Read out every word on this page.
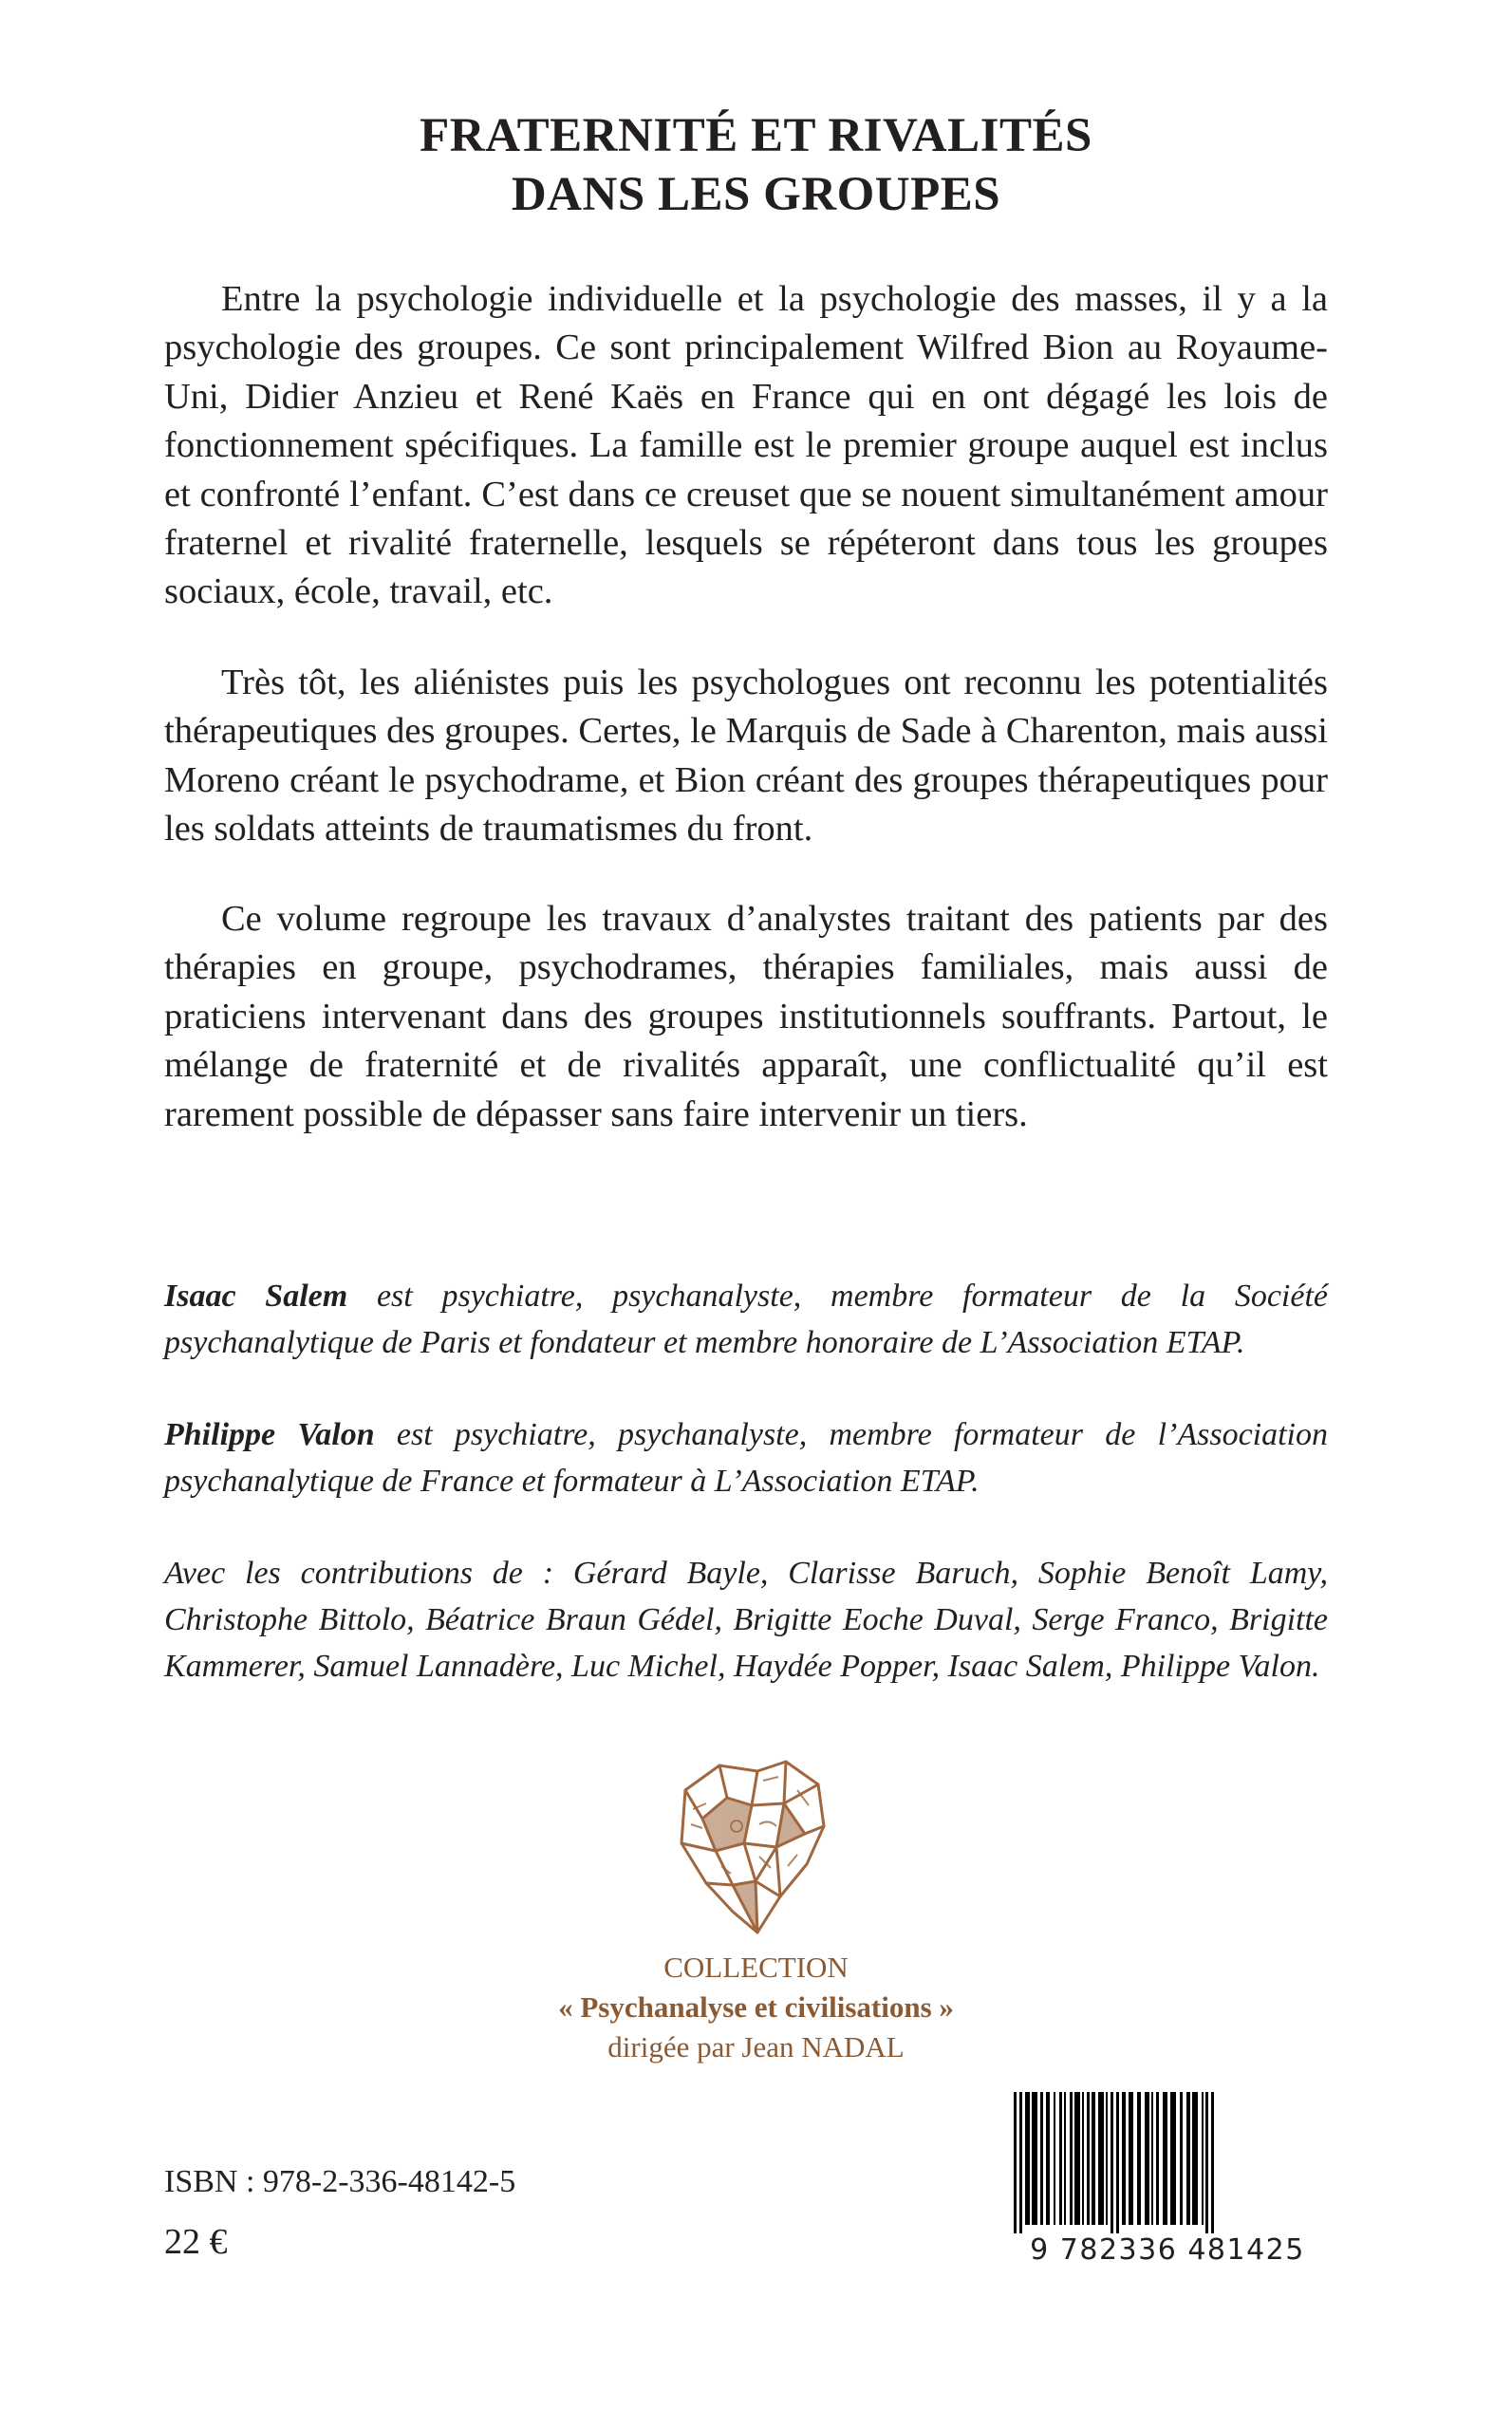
FRATERNITÉ ET RIVALITÉS
DANS LES GROUPES

Entre la psychologie individuelle et la psychologie des masses, il y a la psychologie des groupes. Ce sont principalement Wilfred Bion au Royaume-Uni, Didier Anzieu et René Kaës en France qui en ont dégagé les lois de fonctionnement spécifiques. La famille est le premier groupe auquel est inclus et confronté l’enfant. C’est dans ce creuset que se nouent simultanément amour fraternel et rivalité fraternelle, lesquels se répéteront dans tous les groupes sociaux, école, travail, etc.

Très tôt, les aliénistes puis les psychologues ont reconnu les potentialités thérapeutiques des groupes. Certes, le Marquis de Sade à Charenton, mais aussi Moreno créant le psychodrame, et Bion créant des groupes thérapeutiques pour les soldats atteints de traumatismes du front.

Ce volume regroupe les travaux d’analystes traitant des patients par des thérapies en groupe, psychodrames, thérapies familiales, mais aussi de praticiens intervenant dans des groupes institutionnels souffrants. Partout, le mélange de fraternité et de rivalités apparaît, une conflictualité qu’il est rarement possible de dépasser sans faire intervenir un tiers.

Isaac Salem est psychiatre, psychanalyste, membre formateur de la Société psychanalytique de Paris et fondateur et membre honoraire de L’Association ETAP.

Philippe Valon est psychiatre, psychanalyste, membre formateur de l’Association psychanalytique de France et formateur à L’Association ETAP.

Avec les contributions de : Gérard Bayle, Clarisse Baruch, Sophie Benoît Lamy, Christophe Bittolo, Béatrice Braun Gédel, Brigitte Eoche Duval, Serge Franco, Brigitte Kammerer, Samuel Lannadère, Luc Michel, Haydée Popper, Isaac Salem, Philippe Valon.

COLLECTION
« Psychanalyse et civilisations »
dirigée par Jean NADAL
ISBN : 978-2-336-48142-5
22 €	9 782336 481425
